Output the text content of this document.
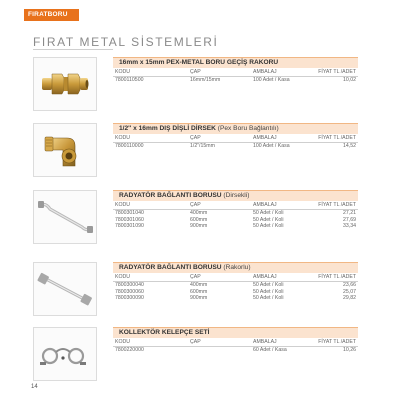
FIRATBORU
FIRAT METAL SİSTEMLERİ
16mm x 15mm PEX-METAL BORU GEÇİŞ RAKORU
KODU	ÇAP	AMBALAJ	FİYAT TL /ADET
7800110500	16mm/15mm	100 Adet / Kasa	10,02
1/2'' x 16mm DIŞ DİŞLİ DİRSEK (Pex Boru Bağlantılı)
KODU	ÇAP	AMBALAJ	FİYAT TL /ADET
7800110000	1/2"/15mm	100 Adet / Kasa	14,52
RADYATÖR BAĞLANTI BORUSU (Dirsekli)
KODU	ÇAP	AMBALAJ	FİYAT TL /ADET
7800301040	400mm	50 Adet / Koli	27,21
7800301060	600mm	50 Adet / Koli	27,69
7800301090	900mm	50 Adet / Koli	33,34
RADYATÖR BAĞLANTI BORUSU (Rakorlu)
KODU	ÇAP	AMBALAJ	FİYAT TL /ADET
7800300040	400mm	50 Adet / Koli	23,66
7800300060	600mm	50 Adet / Koli	25,07
7800300090	900mm	50 Adet / Koli	29,82
KOLLEKTÖR KELEPÇE SETİ
KODU	ÇAP	AMBALAJ	FİYAT TL /ADET
7800220000		60 Adet / Kasa	10,26
14
